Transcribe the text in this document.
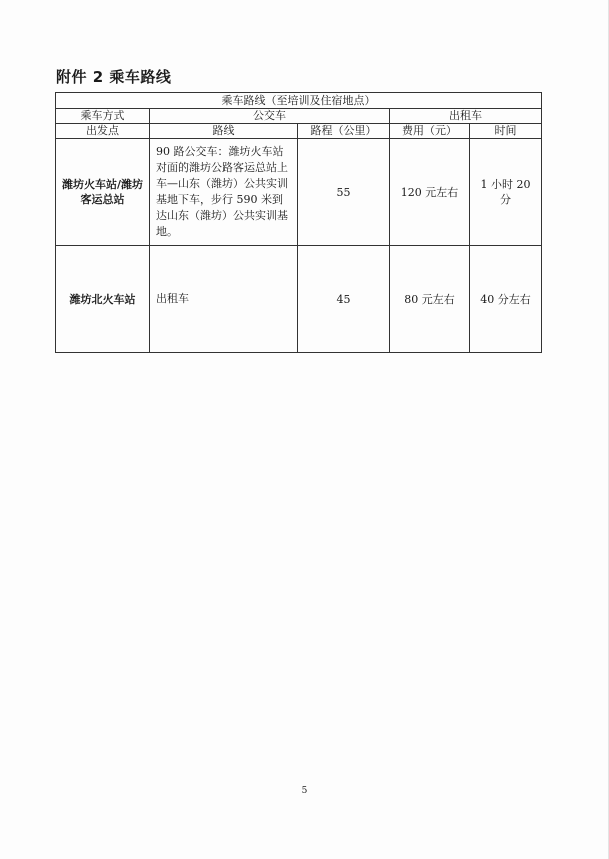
附件 2 乘车路线
乘车路线（至培训及住宿地点）				
乘车方式	公交车		出租车	
出发点	路线	路程（公里）	费用（元）	时间
潍坊火车站/潍坊客运总站	90 路公交车：潍坊火车站对面的潍坊公路客运总站上车—山东（潍坊）公共实训基地下车，步行 590 米到达山东（潍坊）公共实训基地。	55	120 元左右	1 小时 20 分
潍坊北火车站	出租车	45	80 元左右	40 分左右
5
